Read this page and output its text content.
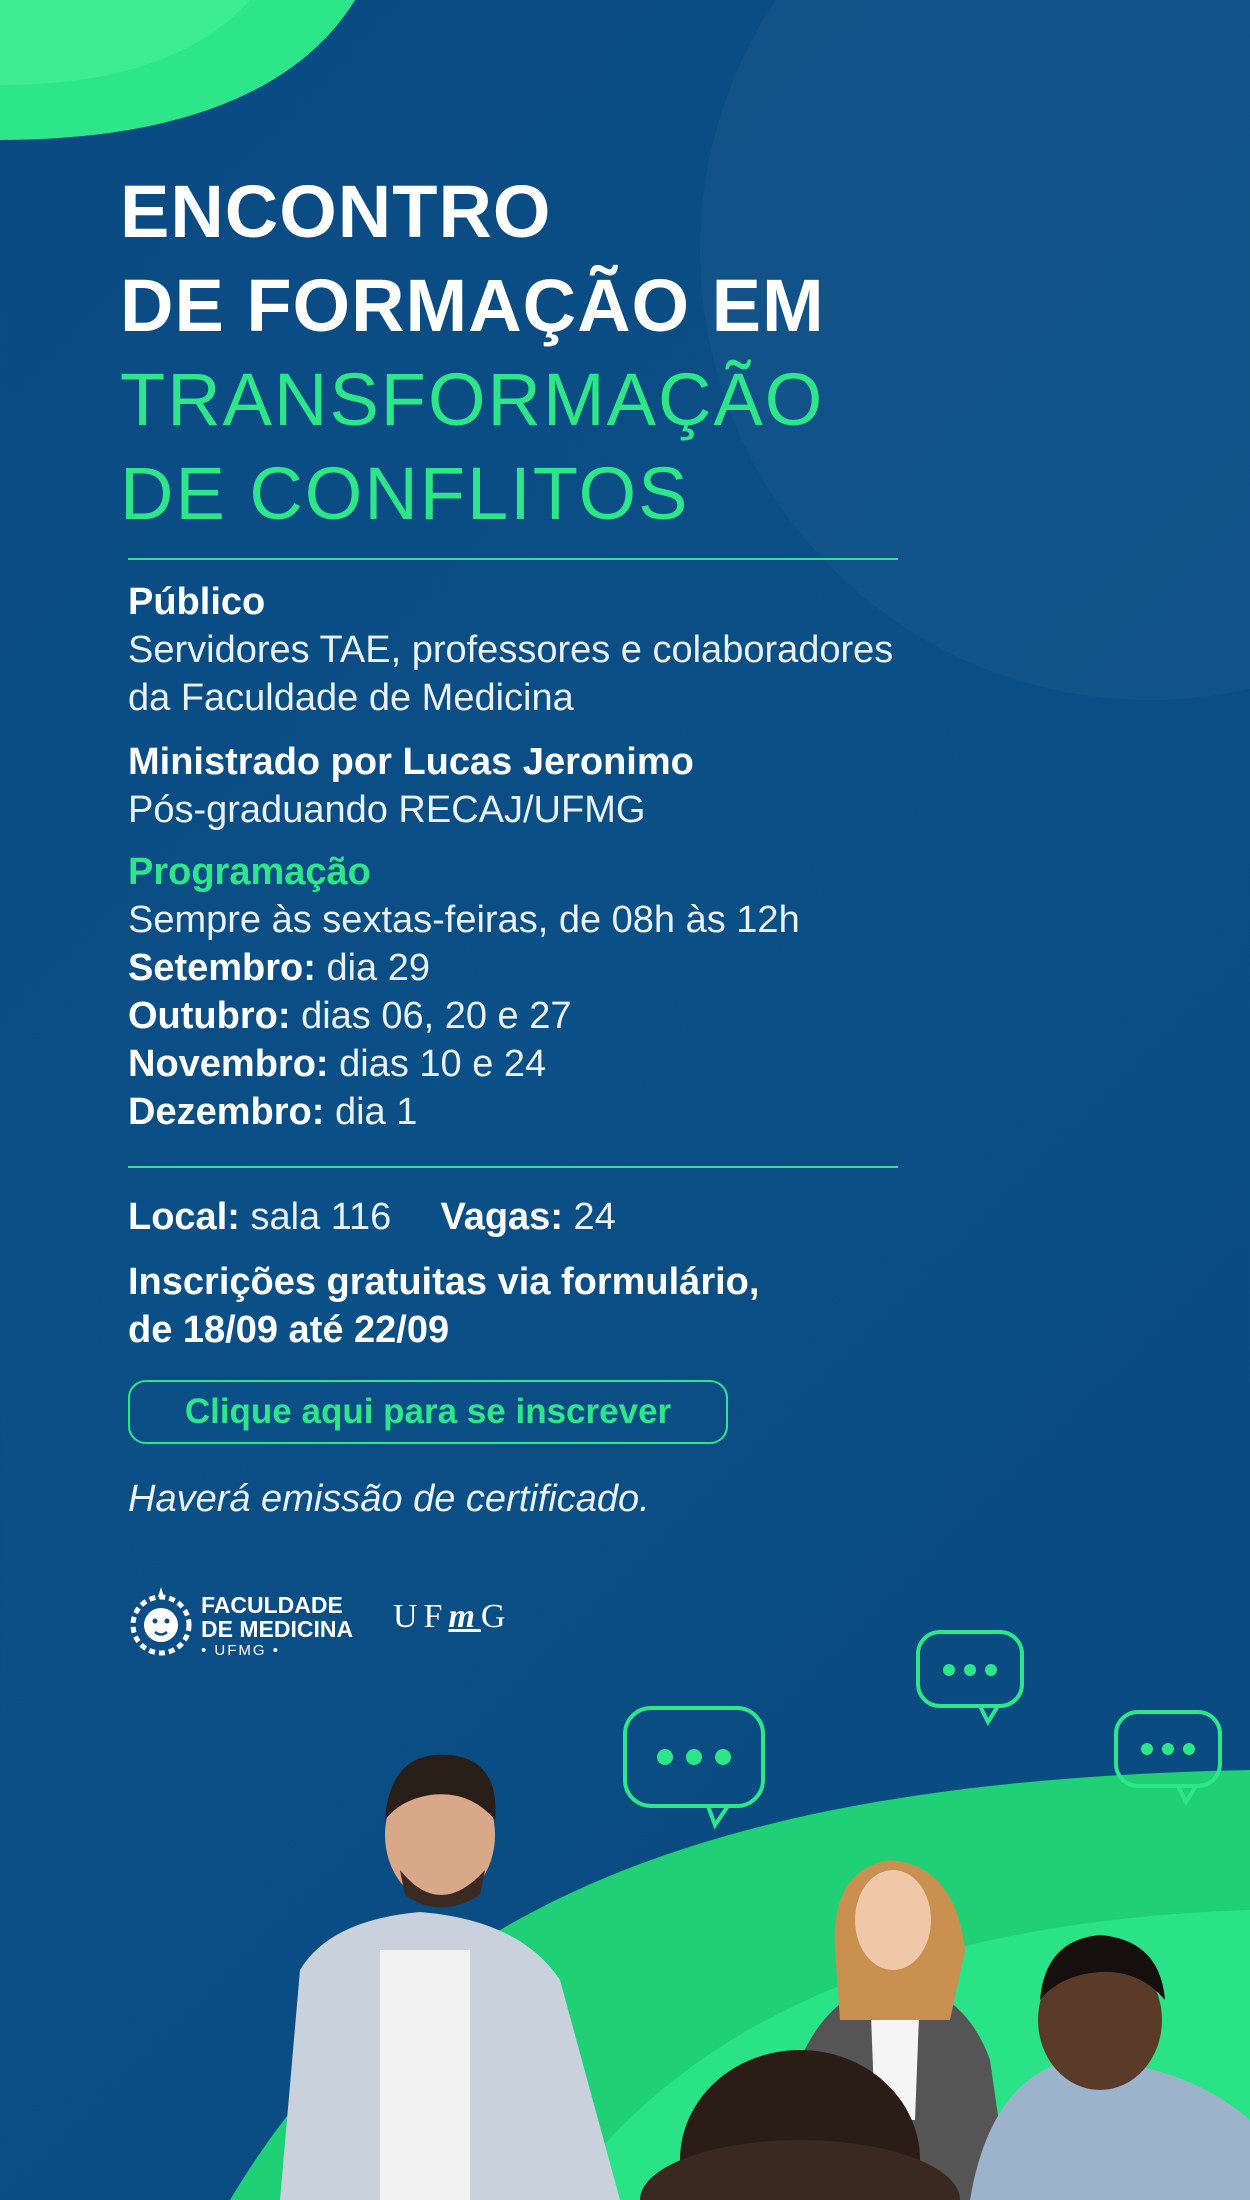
ENCONTRO
DE FORMAÇÃO EM
TRANSFORMAÇÃO
DE CONFLITOS
Público
Servidores TAE, professores e colaboradores
da Faculdade de Medicina
Ministrado por Lucas Jeronimo
Pós-graduando RECAJ/UFMG
Programação
Sempre às sextas-feiras, de 08h às 12h
Setembro: dia 29
Outubro: dias 06, 20 e 27
Novembro: dias 10 e 24
Dezembro: dia 1
Local: sala 116 Vagas: 24
Inscrições gratuitas via formulário,
de 18/09 até 22/09
Clique aqui para se inscrever
Haverá emissão de certificado.
FACULDADE
DE MEDICINA
• UFMG •
UFmG
